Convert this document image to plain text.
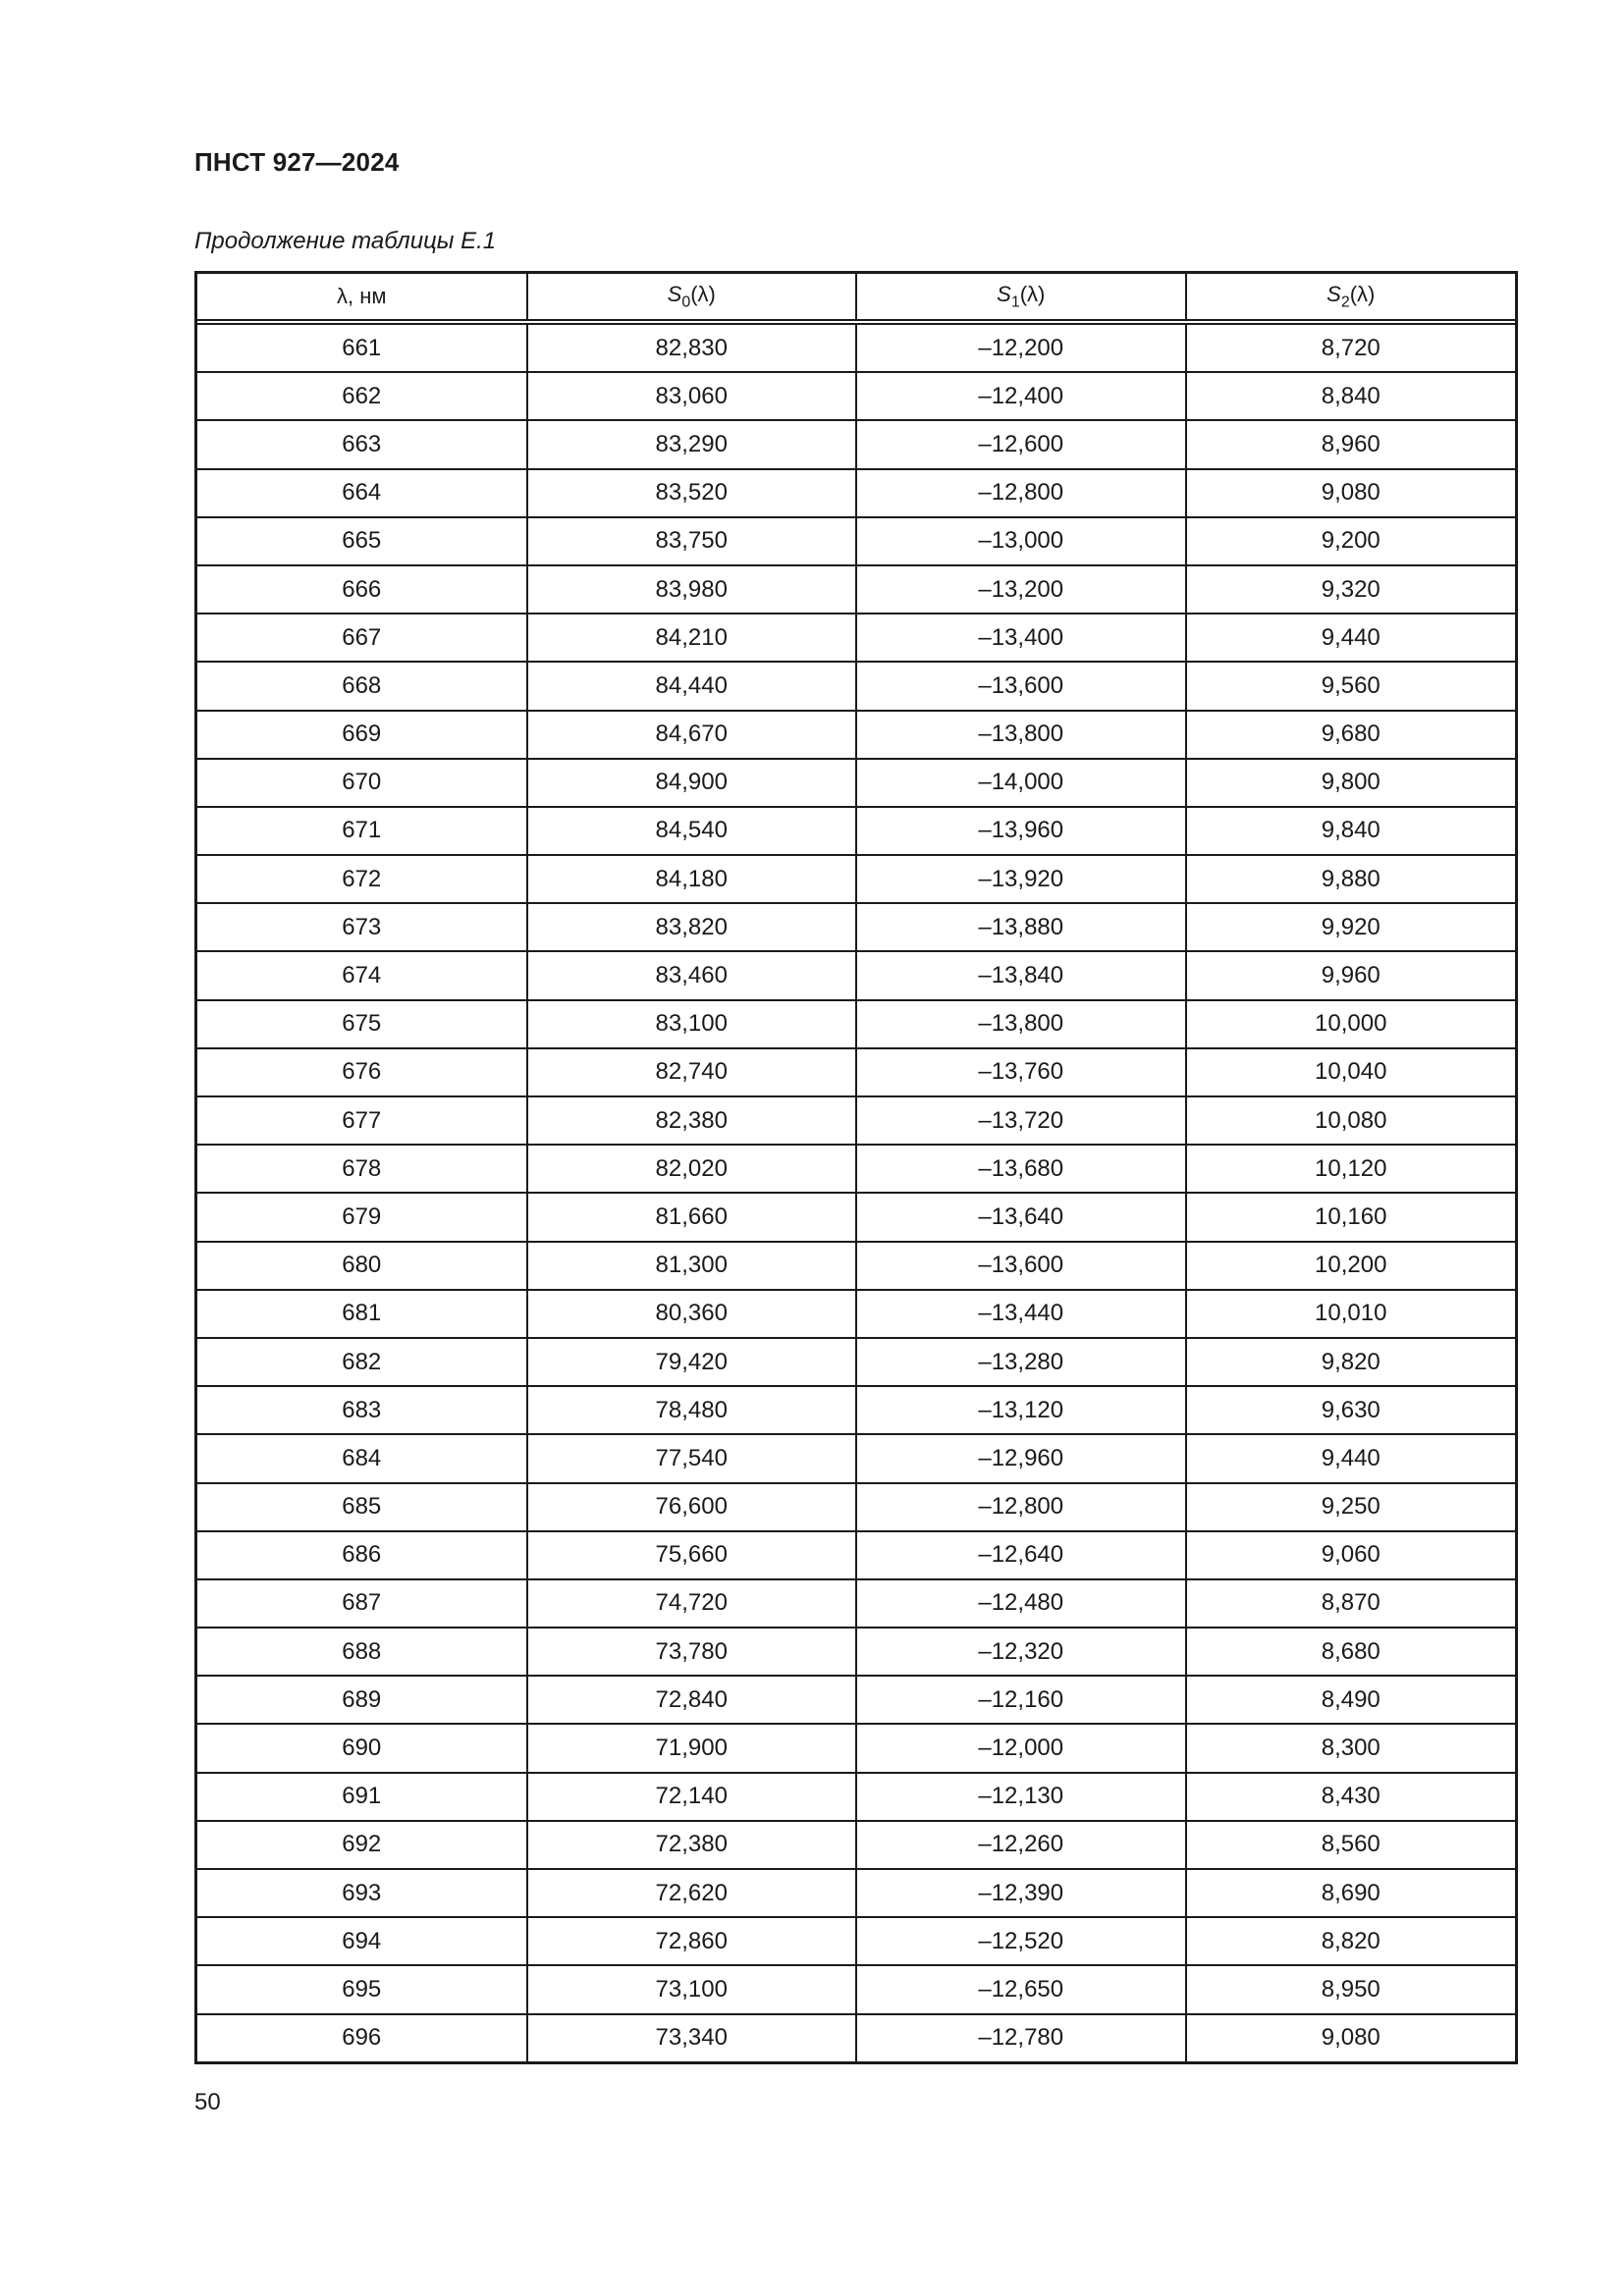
ПНСТ 927—2024
Продолжение таблицы Е.1
λ, нм	$S_0(\lambda)$	$S_1(\lambda)$	$S_2(\lambda)$
661	82,830	–12,200	8,720
662	83,060	–12,400	8,840
663	83,290	–12,600	8,960
664	83,520	–12,800	9,080
665	83,750	–13,000	9,200
666	83,980	–13,200	9,320
667	84,210	–13,400	9,440
668	84,440	–13,600	9,560
669	84,670	–13,800	9,680
670	84,900	–14,000	9,800
671	84,540	–13,960	9,840
672	84,180	–13,920	9,880
673	83,820	–13,880	9,920
674	83,460	–13,840	9,960
675	83,100	–13,800	10,000
676	82,740	–13,760	10,040
677	82,380	–13,720	10,080
678	82,020	–13,680	10,120
679	81,660	–13,640	10,160
680	81,300	–13,600	10,200
681	80,360	–13,440	10,010
682	79,420	–13,280	9,820
683	78,480	–13,120	9,630
684	77,540	–12,960	9,440
685	76,600	–12,800	9,250
686	75,660	–12,640	9,060
687	74,720	–12,480	8,870
688	73,780	–12,320	8,680
689	72,840	–12,160	8,490
690	71,900	–12,000	8,300
691	72,140	–12,130	8,430
692	72,380	–12,260	8,560
693	72,620	–12,390	8,690
694	72,860	–12,520	8,820
695	73,100	–12,650	8,950
696	73,340	–12,780	9,080
50
